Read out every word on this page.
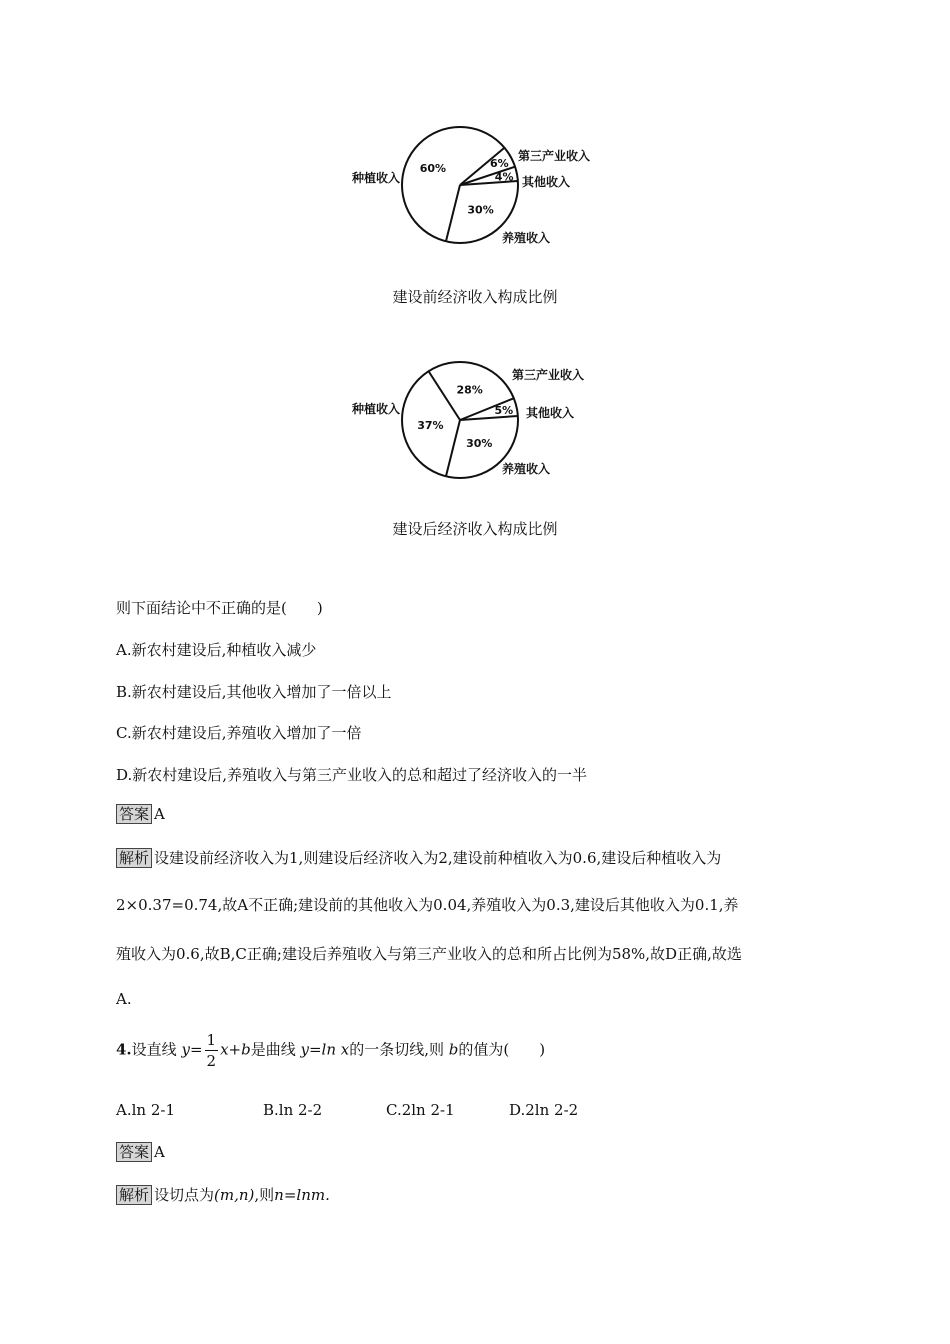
60%
种植收入
6%
第三产业收入
4% 其他收入
30%
养殖收入
建设前经济收入构成比例
37%
种植收入
28%
第三产业收入
5% 其他收入
30%
养殖收入
建设后经济收入构成比例
则下面结论中不正确的是(　　)
A.新农村建设后,种植收入减少
B.新农村建设后,其他收入增加了一倍以上
C.新农村建设后,养殖收入增加了一倍
D.新农村建设后,养殖收入与第三产业收入的总和超过了经济收入的一半
答案 A
解析 设建设前经济收入为1,则建设后经济收入为2,建设前种植收入为0.6,建设后种植收入为
2×0.37=0.74,故A不正确;建设前的其他收入为0.04,养殖收入为0.3,建设后其他收入为0.1,养
殖收入为0.6,故B,C正确;建设后养殖收入与第三产业收入的总和所占比例为58%,故D正确,故选
A.
4.设直线 $y= \frac{1}{2} x+b$是曲线 y=ln x的一条切线,则 b的值为(　　)
A.ln 2-1	B.ln 2-2	C.2ln 2-1	D.2ln 2-2
答案 A
解析 设切点为(m,n),则n=lnm.
